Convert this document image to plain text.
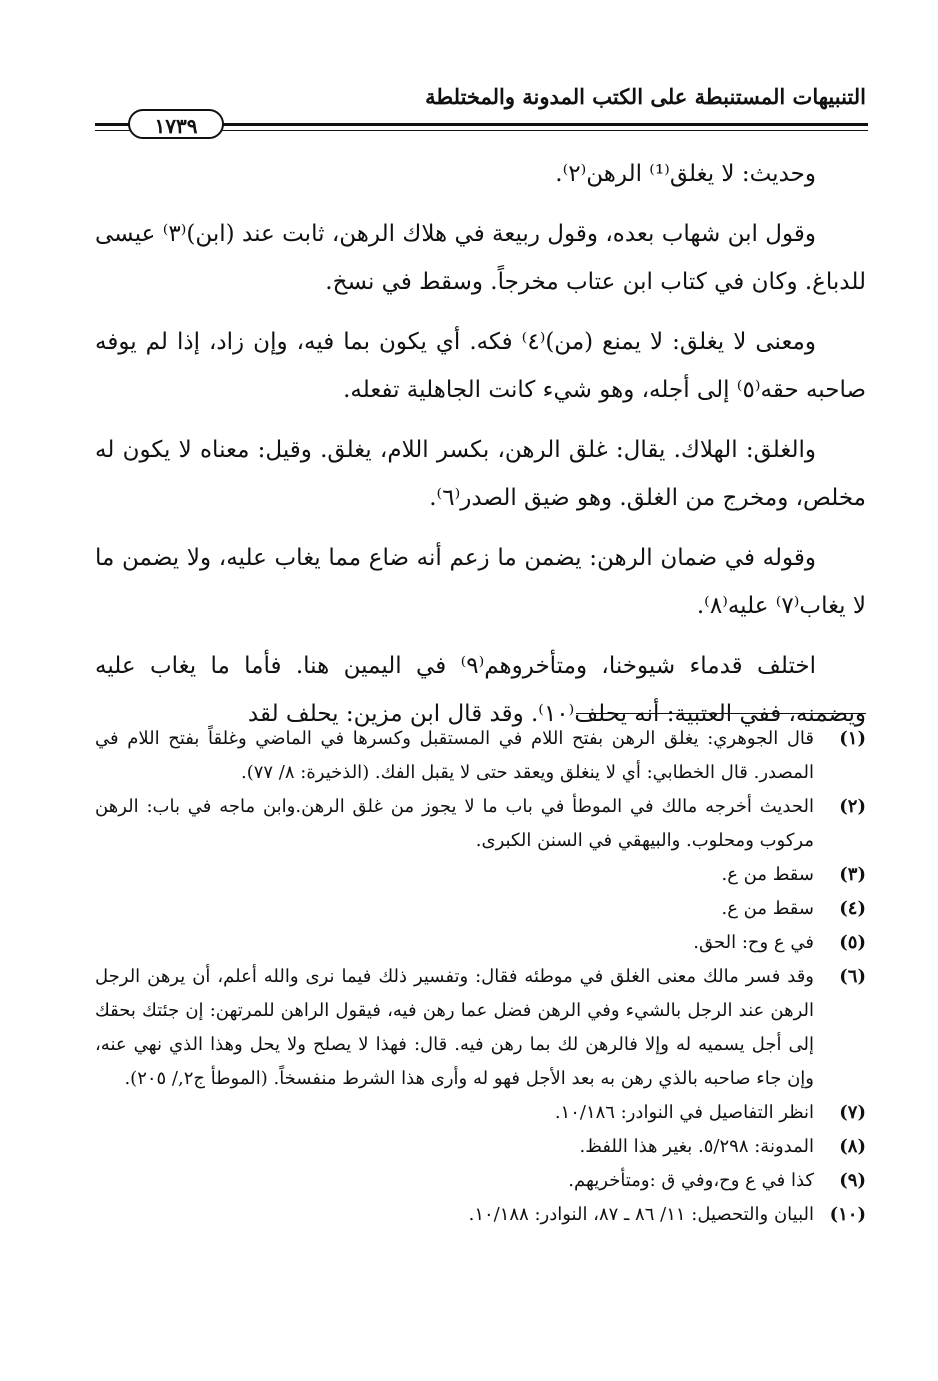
التنبيهات المستنبطة على الكتب المدونة والمختلطة
١٧٣٩

وحديث: لا يغلق⁽¹⁾ الرهن⁽٢⁾.

وقول ابن شهاب بعده، وقول ربيعة في هلاك الرهن، ثابت عند (ابن)⁽٣⁾ عيسى للدباغ. وكان في كتاب ابن عتاب مخرجاً. وسقط في نسخ.

ومعنى لا يغلق: لا يمنع (من)⁽٤⁾ فكه. أي يكون بما فيه، وإن زاد، إذا لم يوفه صاحبه حقه⁽٥⁾ إلى أجله، وهو شيء كانت الجاهلية تفعله.

والغلق: الهلاك. يقال: غلق الرهن، بكسر اللام، يغلق. وقيل: معناه لا يكون له مخلص، ومخرج من الغلق. وهو ضيق الصدر⁽٦⁾.

وقوله في ضمان الرهن: يضمن ما زعم أنه ضاع مما يغاب عليه، ولا يضمن ما لا يغاب⁽٧⁾ عليه⁽٨⁾.

اختلف قدماء شيوخنا، ومتأخروهم⁽٩⁾ في اليمين هنا. فأما ما يغاب عليه ويضمنه، ففي العتبية: أنه يحلف⁽١٠⁾. وقد قال ابن مزين: يحلف لقد

(١)
قال الجوهري: يغلق الرهن بفتح اللام في المستقبل وكسرها في الماضي وغلقاً بفتح اللام في المصدر. قال الخطابي: أي لا ينغلق ويعقد حتى لا يقبل الفك. (الذخيرة: ٨/ ٧٧).
(٢)
الحديث أخرجه مالك في الموطأ في باب ما لا يجوز من غلق الرهن.وابن ماجه في باب: الرهن مركوب ومحلوب. والبيهقي في السنن الكبرى.
(٣)
سقط من ع.
(٤)
سقط من ع.
(٥)
في ع وح: الحق.
(٦)
وقد فسر مالك معنى الغلق في موطئه فقال: وتفسير ذلك فيما نرى والله أعلم، أن يرهن الرجل الرهن عند الرجل بالشيء وفي الرهن فضل عما رهن فيه، فيقول الراهن للمرتهن: إن جئتك بحقك إلى أجل يسميه له وإلا فالرهن لك بما رهن فيه. قال: فهذا لا يصلح ولا يحل وهذا الذي نهي عنه، وإن جاء صاحبه بالذي رهن به بعد الأجل فهو له وأرى هذا الشرط منفسخاً. (الموطأ ج٢,/ ٢٠٥).
(٧)
انظر التفاصيل في النوادر: ١٠/١٨٦.
(٨)
المدونة: ٥/٢٩٨. بغير هذا اللفظ.
(٩)
كذا في ع وح،وفي ق :ومتأخريهم.
(١٠)
البيان والتحصيل: ١١/ ٨٦ ـ ٨٧، النوادر: ١٠/١٨٨.
